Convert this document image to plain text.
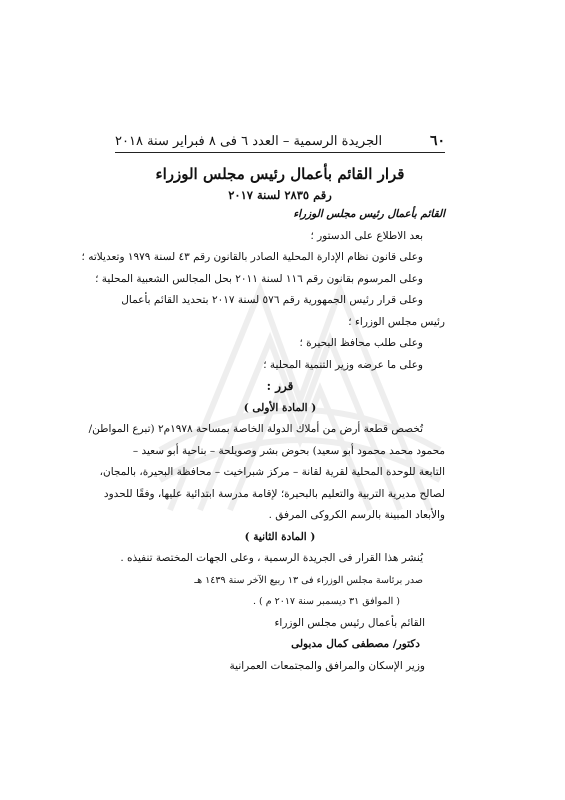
٦٠
الجريدة الرسمية – العدد ٦ فى ٨ فبراير سنة ٢٠١٨

قرار القائم بأعمال رئيس مجلس الوزراء

رقم ٢٨٣٥ لسنة ٢٠١٧

القائم بأعمال رئيس مجلس الوزراء

بعد الاطلاع على الدستور ؛

وعلى قانون نظام الإدارة المحلية الصادر بالقانون رقم ٤٣ لسنة ١٩٧٩ وتعديلاته ؛

وعلى المرسوم بقانون رقم ١١٦ لسنة ٢٠١١ بحل المجالس الشعبية المحلية ؛

وعلى قرار رئيس الجمهورية رقم ٥٧٦ لسنة ٢٠١٧ بتحديد القائم بأعمال

رئيس مجلس الوزراء ؛

وعلى طلب محافظ البحيرة ؛

وعلى ما عرضه وزير التنمية المحلية ؛

قرر :

( المادة الأولى )

تُخصص قطعة أرض من أملاك الدولة الخاصة بمساحة ١٩٧٨م٢ (تبرع المواطن/

محمود محمد محمود أبو سعيد) بحوض بشر وصويلحة – بناحية أبو سعيد –

التابعة للوحدة المحلية لقرية لقانة – مركز شبراخيت – محافظة البحيرة، بالمجان،

لصالح مديرية التربية والتعليم بالبحيرة؛ لإقامة مدرسة ابتدائية عليها، وفقًا للحدود

والأبعاد المبينة بالرسم الكروكى المرفق .

( المادة الثانية )

يُنشر هذا القرار فى الجريدة الرسمية ، وعلى الجهات المختصة تنفيذه .

صدر برئاسة مجلس الوزراء فى ١٣ ربيع الآخر سنة ١٤٣٩ هـ

( الموافق ٣١ ديسمبر سنة ٢٠١٧ م ) .

القائم بأعمال رئيس مجلس الوزراء

دكتور/ مصطفى كمال مدبولى

وزير الإسكان والمرافق والمجتمعات العمرانية
